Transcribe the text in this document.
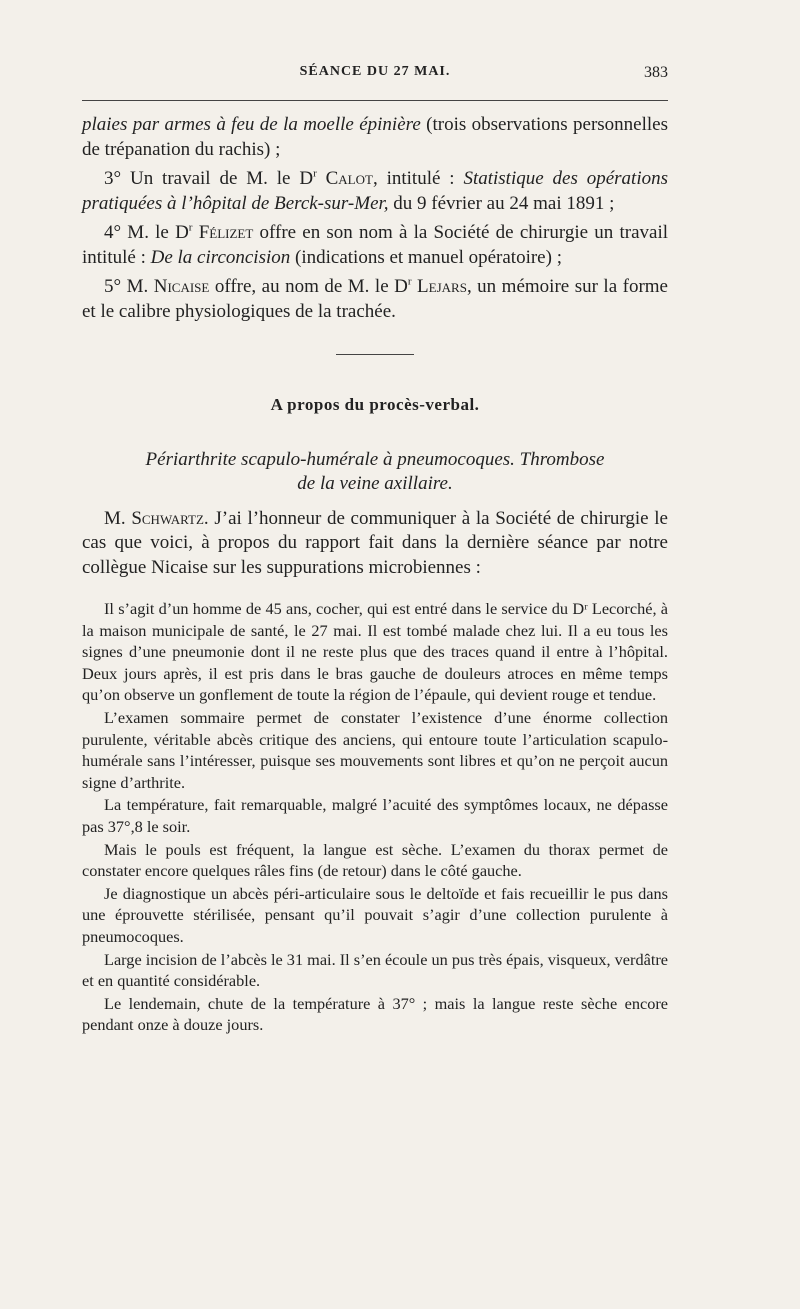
SÉANCE DU 27 MAI.	383

plaies par armes à feu de la moelle épinière (trois observations personnelles de trépanation du rachis) ;

3° Un travail de M. le $D^r$ Calot, intitulé : Statistique des opérations pratiquées à l’hôpital de Berck-sur-Mer, du 9 février au 24 mai 1891 ;

4° M. le $D^r$ Félizet offre en son nom à la Société de chirurgie un travail intitulé : De la circoncision (indications et manuel opératoire) ;

5° M. Nicaise offre, au nom de M. le $D^r$ Lejars, un mémoire sur la forme et le calibre physiologiques de la trachée.

A propos du procès-verbal.
Périarthrite scapulo-humérale à pneumocoques. Thrombose
de la veine axillaire.

M. Schwartz. J’ai l’honneur de communiquer à la Société de chirurgie le cas que voici, à propos du rapport fait dans la dernière séance par notre collègue Nicaise sur les suppurations microbiennes :

Il s’agit d’un homme de 45 ans, cocher, qui est entré dans le service du Dʳ Lecorché, à la maison municipale de santé, le 27 mai. Il est tombé malade chez lui. Il a eu tous les signes d’une pneumonie dont il ne reste plus que des traces quand il entre à l’hôpital. Deux jours après, il est pris dans le bras gauche de douleurs atroces en même temps qu’on observe un gonflement de toute la région de l’épaule, qui devient rouge et tendue.

L’examen sommaire permet de constater l’existence d’une énorme collection purulente, véritable abcès critique des anciens, qui entoure toute l’articulation scapulo-humérale sans l’intéresser, puisque ses mouvements sont libres et qu’on ne perçoit aucun signe d’arthrite.

La température, fait remarquable, malgré l’acuité des symptômes locaux, ne dépasse pas 37°,8 le soir.

Mais le pouls est fréquent, la langue est sèche. L’examen du thorax permet de constater encore quelques râles fins (de retour) dans le côté gauche.

Je diagnostique un abcès péri-articulaire sous le deltoïde et fais recueillir le pus dans une éprouvette stérilisée, pensant qu’il pouvait s’agir d’une collection purulente à pneumocoques.

Large incision de l’abcès le 31 mai. Il s’en écoule un pus très épais, visqueux, verdâtre et en quantité considérable.

Le lendemain, chute de la température à 37° ; mais la langue reste sèche encore pendant onze à douze jours.
